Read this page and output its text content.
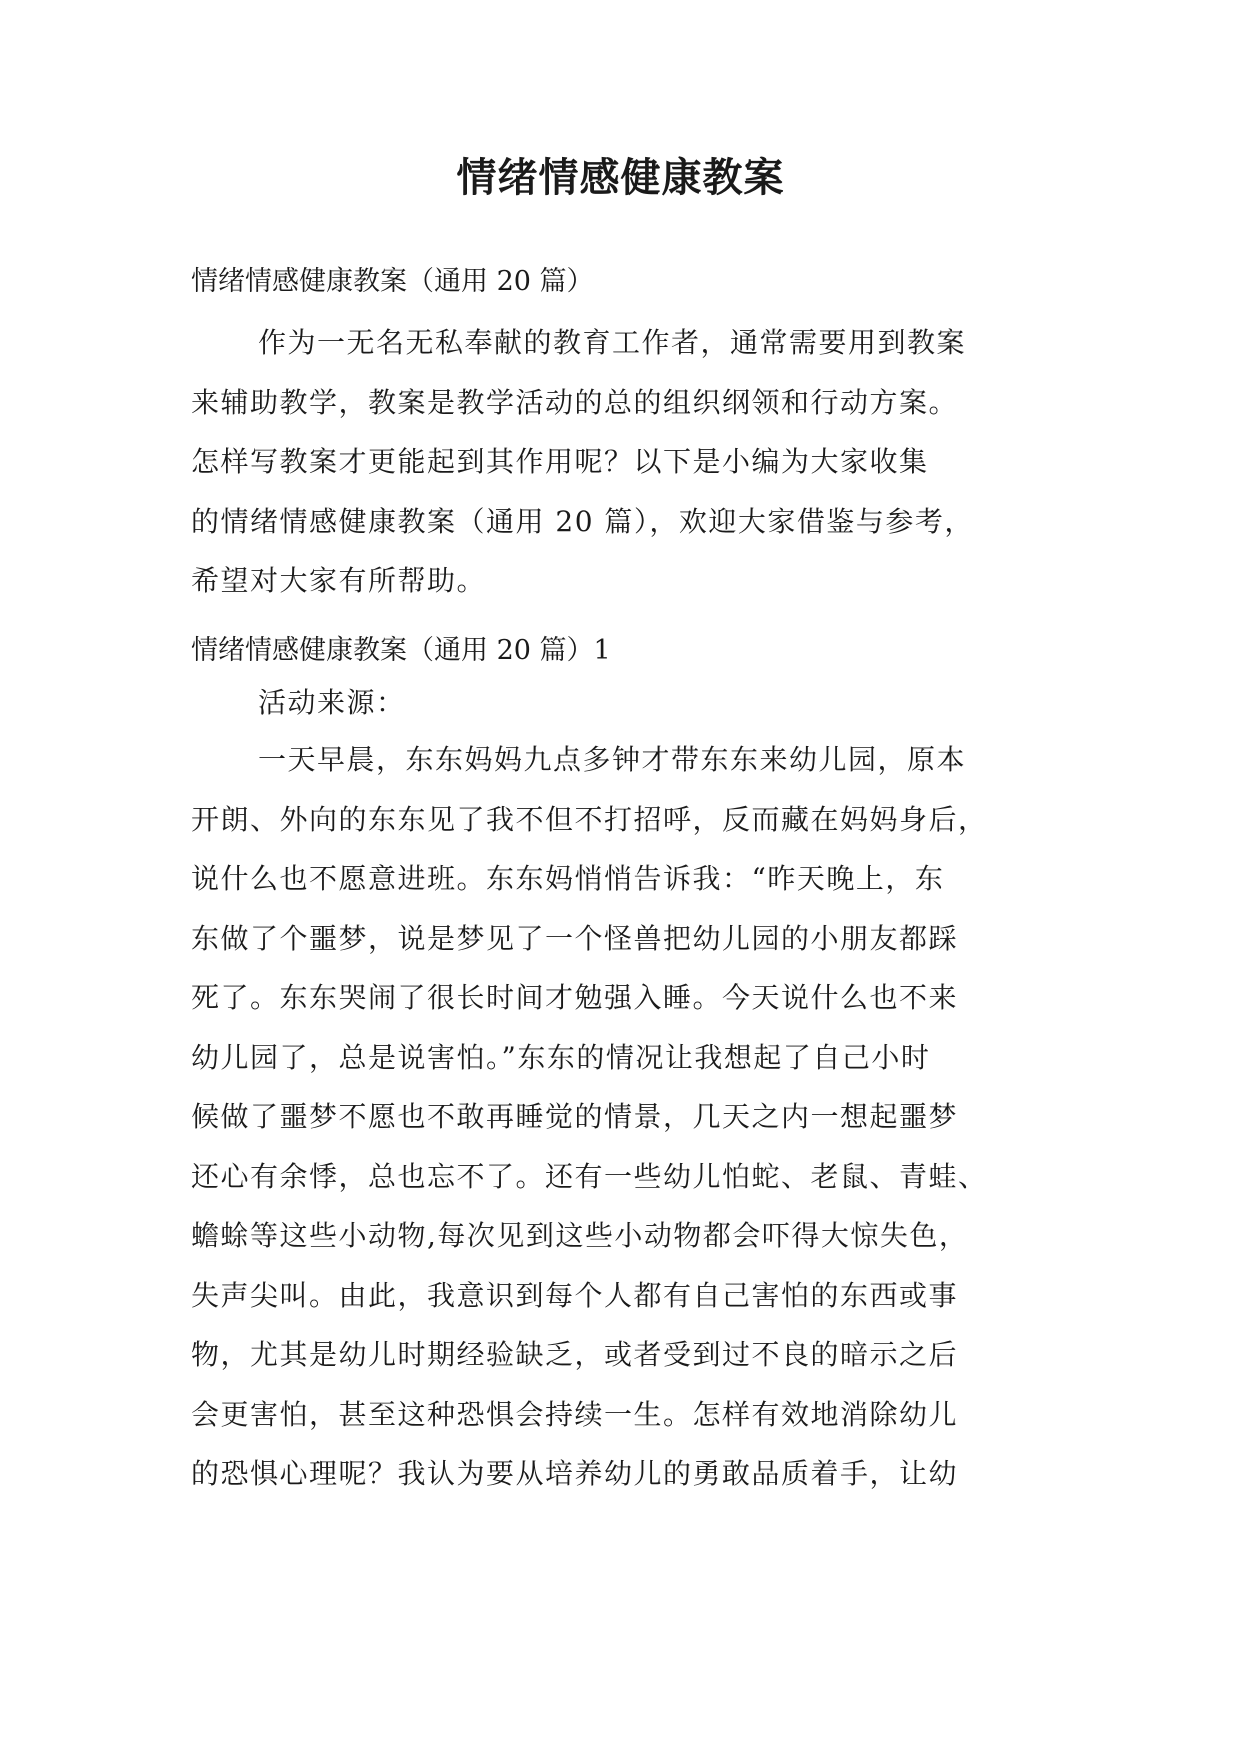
情绪情感健康教案

情绪情感健康教案（通用 20 篇）

作为一无名无私奉献的教育工作者，通常需要用到教案
来辅助教学，教案是教学活动的总的组织纲领和行动方案。
怎样写教案才更能起到其作用呢？以下是小编为大家收集
的情绪情感健康教案（通用 20 篇），欢迎大家借鉴与参考，
希望对大家有所帮助。

情绪情感健康教案（通用 20 篇）1

活动来源：

一天早晨，东东妈妈九点多钟才带东东来幼儿园，原本
开朗、外向的东东见了我不但不打招呼，反而藏在妈妈身后，
说什么也不愿意进班。东东妈悄悄告诉我：“昨天晚上，东
东做了个噩梦，说是梦见了一个怪兽把幼儿园的小朋友都踩
死了。东东哭闹了很长时间才勉强入睡。今天说什么也不来
幼儿园了，总是说害怕。”东东的情况让我想起了自己小时
候做了噩梦不愿也不敢再睡觉的情景，几天之内一想起噩梦
还心有余悸，总也忘不了。还有一些幼儿怕蛇、老鼠、青蛙、
蟾蜍等这些小动物,每次见到这些小动物都会吓得大惊失色，
失声尖叫。由此，我意识到每个人都有自己害怕的东西或事
物，尤其是幼儿时期经验缺乏，或者受到过不良的暗示之后
会更害怕，甚至这种恐惧会持续一生。怎样有效地消除幼儿
的恐惧心理呢？我认为要从培养幼儿的勇敢品质着手，让幼
